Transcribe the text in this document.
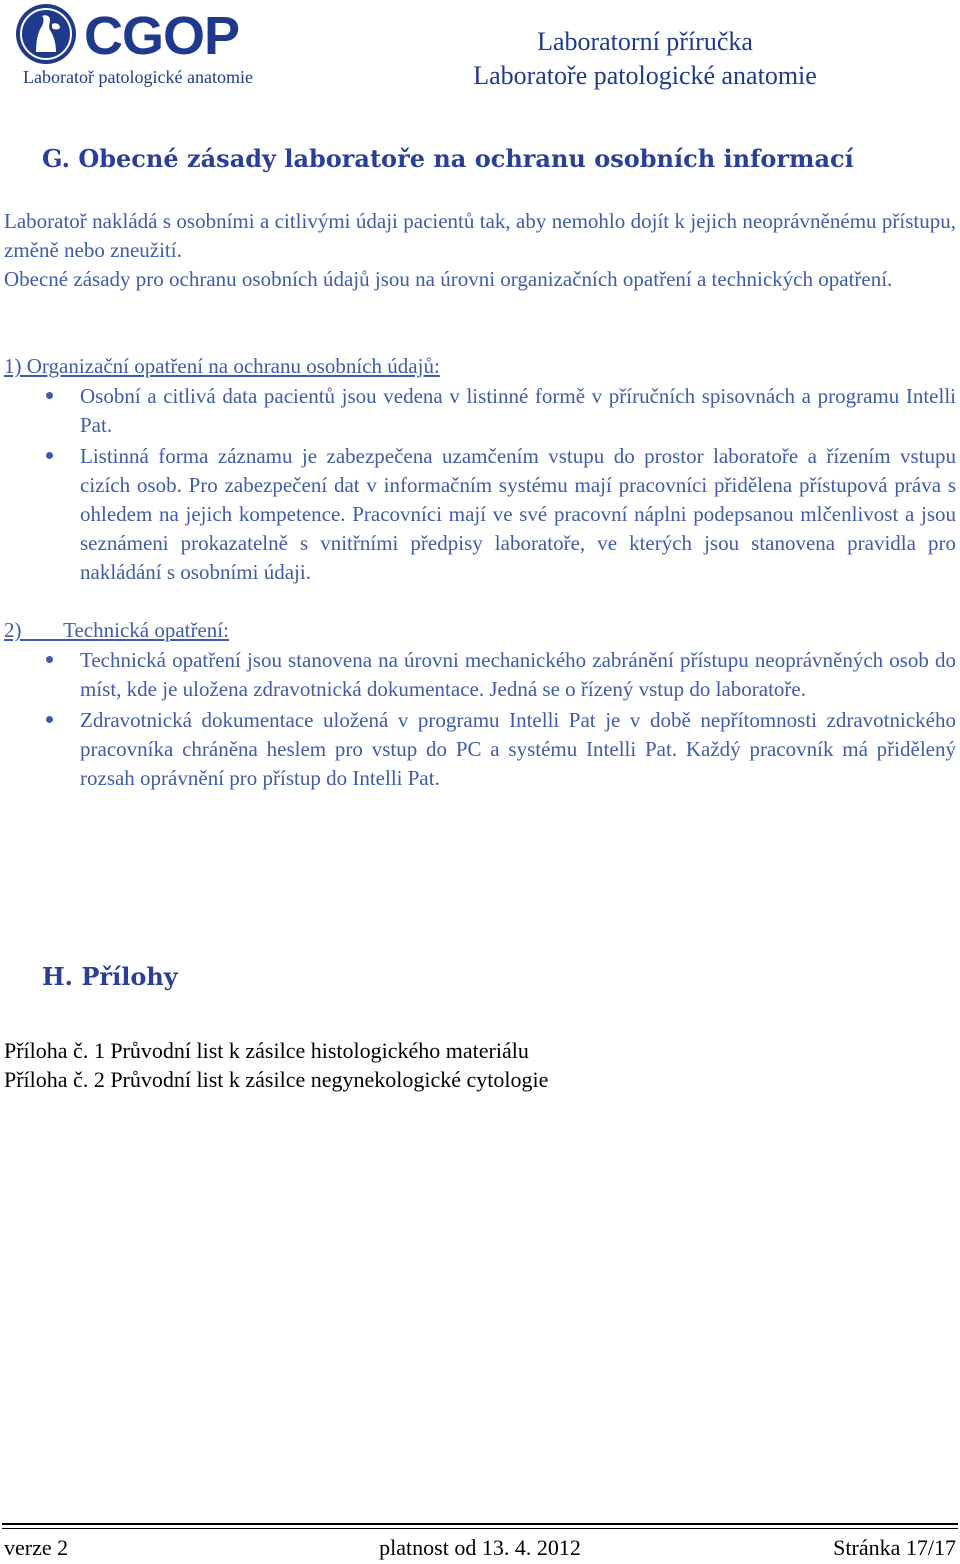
CGOP
Laboratoř patologické anatomie
Laboratorní příručka
Laboratoře patologické anatomie
G. Obecné zásady laboratoře na ochranu osobních informací
Laboratoř nakládá s osobními a citlivými údaji pacientů tak, aby nemohlo dojít k jejich neoprávněnému přístupu, změně nebo zneužití.
Obecné zásady pro ochranu osobních údajů jsou na úrovni organizačních opatření a technických opatření.
1) Organizační opatření na ochranu osobních údajů:
Osobní a citlivá data pacientů jsou vedena v listinné formě v příručních spisovnách a programu Intelli Pat.
Listinná forma záznamu je zabezpečena uzamčením vstupu do prostor laboratoře a řízením vstupu cizích osob. Pro zabezpečení dat v informačním systému mají pracovníci přidělena přístupová práva s ohledem na jejich kompetence. Pracovníci mají ve své pracovní náplni podepsanou mlčenlivost a jsou seznámeni prokazatelně s vnitřními předpisy laboratoře, ve kterých jsou stanovena pravidla pro nakládání s osobními údaji.
2)        Technická opatření:
Technická opatření jsou stanovena na úrovni mechanického zabránění přístupu neoprávněných osob do míst, kde je uložena zdravotnická dokumentace. Jedná se o řízený vstup do laboratoře.
Zdravotnická dokumentace uložená v programu Intelli Pat je v době nepřítomnosti zdravotnického pracovníka chráněna heslem pro vstup do PC a systému Intelli Pat. Každý pracovník má přidělený rozsah oprávnění pro přístup do Intelli Pat.
H. Přílohy
Příloha č. 1 Průvodní list k zásilce histologického materiálu
Příloha č. 2 Průvodní list k zásilce negynekologické cytologie
verze 2	platnost od 13. 4. 2012	Stránka 17/17
